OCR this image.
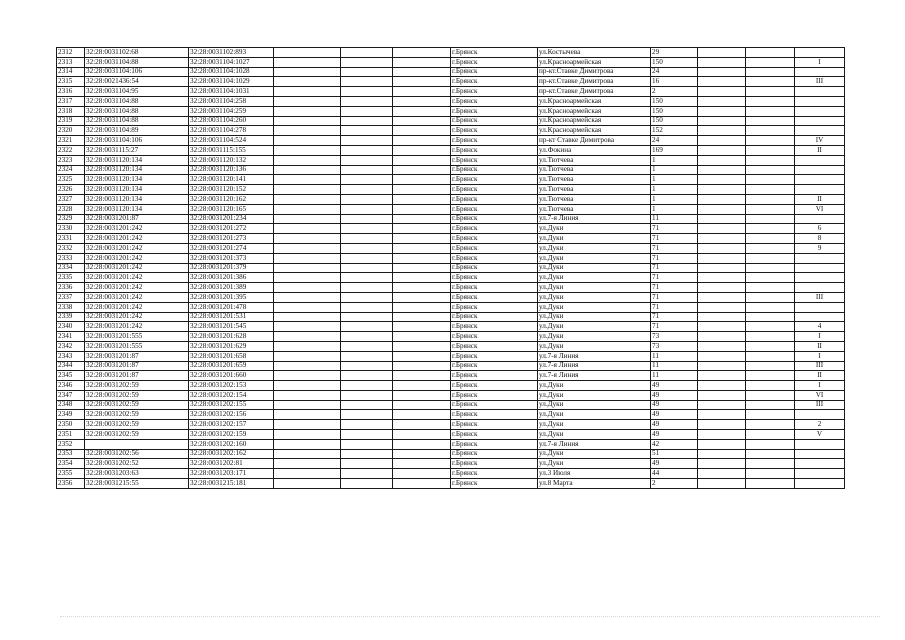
2312	32:28:0031102:68	32:28:0031102:893				г.Брянск	ул.Костычева	29			
2313	32:28:0031104:88	32:28:0031104:1027				г.Брянск	ул.Красноармейская	150			I
2314	32:28:0031104:106	32:28:0031104:1028				г.Брянск	пр-кт.Ставке Димитрова	24			
2315	32:28:0021436:54	32:28:0031104:1029				г.Брянск	пр-кт.Ставке Димитрова	16			III
2316	32:28:0031104:95	32:28:0031104:1031				г.Брянск	пр-кт.Ставке Димитрова	2			
2317	32:28:0031104:88	32:28:0031104:258				г.Брянск	ул.Красноармейская	150			
2318	32:28:0031104:88	32:28:0031104:259				г.Брянск	ул.Красноармейская	150			
2319	32:28:0031104:88	32:28:0031104:260				г.Брянск	ул.Красноармейская	150			
2320	32:28:0031104:89	32:28:0031104:278				г.Брянск	ул.Красноармейская	152			
2321	32:28:0031104:106	32:28:0031104:524				г.Брянск	пр-кт Ставке Димитрова	24			IV
2322	32:28:0031115:27	32:28:0031115:155				г.Брянск	ул.Фокина	169			II
2323	32:28:0031120:134	32:28:0031120:132				г.Брянск	ул.Тютчева	1			
2324	32:28:0031120:134	32:28:0031120:136				г.Брянск	ул.Тютчева	1			
2325	32:28:0031120:134	32:28:0031120:141				г.Брянск	ул.Тютчева	1			
2326	32:28:0031120:134	32:28:0031120:152				г.Брянск	ул.Тютчева	1			
2327	32:28:0031120:134	32:28:0031120:162				г.Брянск	ул.Тютчева	1			II
2328	32:28:0031120:134	32:28:0031120:165				г.Брянск	ул.Тютчева	1			VI
2329	32:28:0031201:87	32:28:0031201:234				г.Брянск	ул.7-я Линия	11			
2330	32:28:0031201:242	32:28:0031201:272				г.Брянск	ул.Дуки	71			6
2331	32:28:0031201:242	32:28:0031201:273				г.Брянск	ул.Дуки	71			8
2332	32:28:0031201:242	32:28:0031201:274				г.Брянск	ул.Дуки	71			9
2333	32:28:0031201:242	32:28:0031201:373				г.Брянск	ул.Дуки	71			
2334	32:28:0031201:242	32:28:0031201:379				г.Брянск	ул.Дуки	71			
2335	32:28:0031201:242	32:28:0031201:386				г.Брянск	ул.Дуки	71			
2336	32:28:0031201:242	32:28:0031201:389				г.Брянск	ул.Дуки	71			
2337	32:28:0031201:242	32:28:0031201:395				г.Брянск	ул.Дуки	71			III
2338	32:28:0031201:242	32:28:0031201:478				г.Брянск	ул.Дуки	71			
2339	32:28:0031201:242	32:28:0031201:531				г.Брянск	ул.Дуки	71			
2340	32:28:0031201:242	32:28:0031201:545				г.Брянск	ул.Дуки	71			4
2341	32:28:0031201:555	32:28:0031201:628				г.Брянск	ул.Дуки	73			I
2342	32:28:0031201:555	32:28:0031201:629				г.Брянск	ул.Дуки	73			II
2343	32:28:0031201:87	32:28:0031201:658				г.Брянск	ул.7-я Линия	11			I
2344	32:28:0031201:87	32:28:0031201:659				г.Брянск	ул.7-я Линия	11			III
2345	32:28:0031201:87	32:28:0031201:660				г.Брянск	ул.7-я Линия	11			II
2346	32:28:0031202:59	32:28:0031202:153				г.Брянск	ул.Дуки	49			I
2347	32:28:0031202:59	32:28:0031202:154				г.Брянск	ул.Дуки	49			VI
2348	32:28:0031202:59	32:28:0031202:155				г.Брянск	ул.Дуки	49			III
2349	32:28:0031202:59	32:28:0031202:156				г.Брянск	ул.Дуки	49			
2350	32:28:0031202:59	32:28:0031202:157				г.Брянск	ул.Дуки	49			2
2351	32:28:0031202:59	32:28:0031202:159				г.Брянск	ул.Дуки	49			V
2352		32:28:0031202:160				г.Брянск	ул.7-я Линия	42			
2353	32:28:0031202:56	32:28:0031202:162				г.Брянск	ул.Дуки	51			
2354	32:28:0031202:52	32:28:0031202:81				г.Брянск	ул.Дуки	49			
2355	32:28:0031203:63	32:28:0031203:171				г.Брянск	ул.3 Июля	44			
2356	32:28:0031215:55	32:28:0031215:181				г.Брянск	ул.8 Марта	2			
